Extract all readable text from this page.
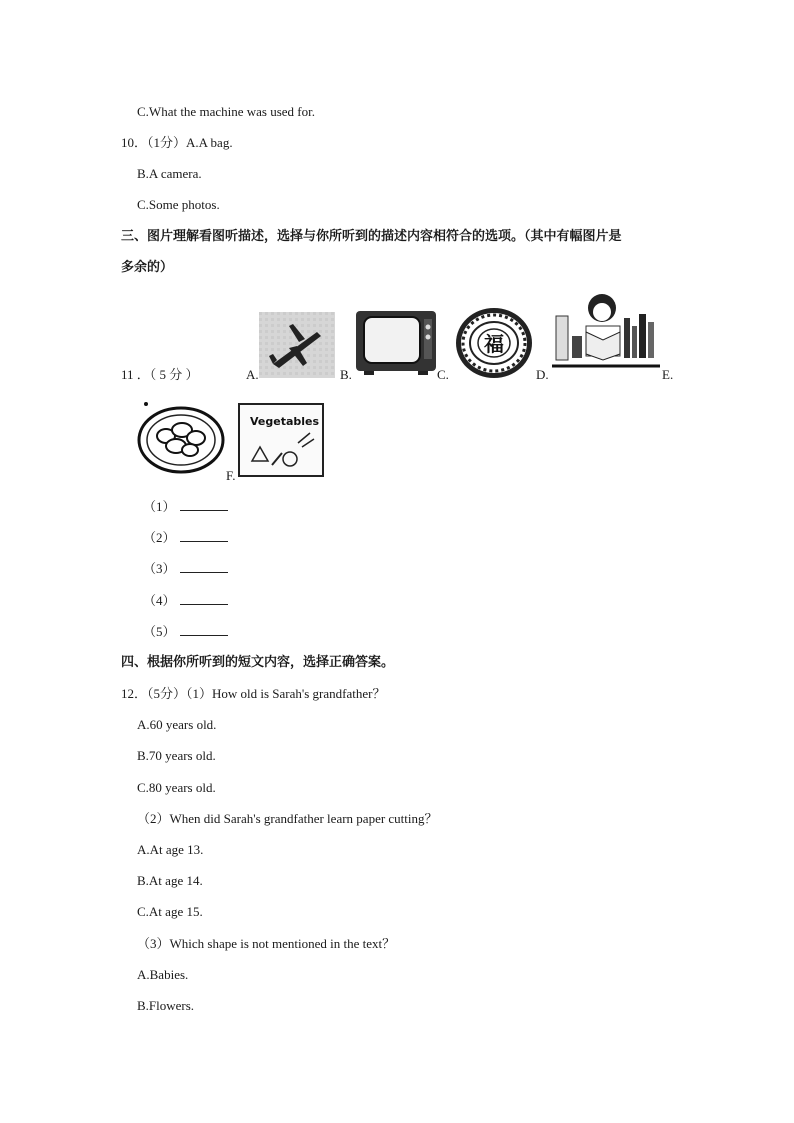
C.What the machine was used for.
10．（1分）A.A bag.
B.A camera.
C.Some photos.
三、图片理解看图听描述，选择与你所听到的描述内容相符合的选项。（其中有幅图片是
多余的）
11 ．（ 5 分 ）	A.	B.
福
C.	D.	E.
Vegetables
F.
（1）
（2）
（3）
（4）
（5）
四、根据你所听到的短文内容，选择正确答案。
12．（5分）（1）How old is Sarah's grandfather？
A.60 years old.
B.70 years old.
C.80 years old.
（2）When did Sarah's grandfather learn paper cutting？
A.At age 13.
B.At age 14.
C.At age 15.
（3）Which shape is not mentioned in the text？
A.Babies.
B.Flowers.
